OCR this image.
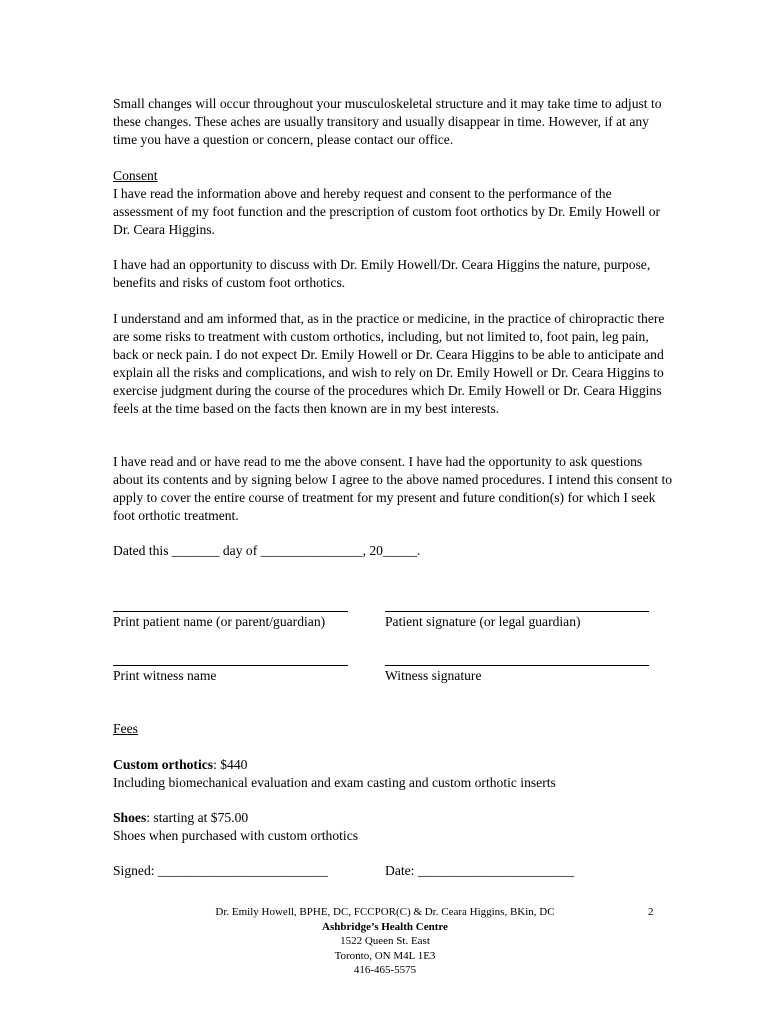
Small changes will occur throughout your musculoskeletal structure and it may take time to adjust to these changes. These aches are usually transitory and usually disappear in time. However, if at any time you have a question or concern, please contact our office.

Consent

I have read the information above and hereby request and consent to the performance of the assessment of my foot function and the prescription of custom foot orthotics by Dr. Emily Howell or Dr. Ceara Higgins.

I have had an opportunity to discuss with Dr. Emily Howell/Dr. Ceara Higgins the nature, purpose, benefits and risks of custom foot orthotics.

I understand and am informed that, as in the practice or medicine, in the practice of chiropractic there are some risks to treatment with custom orthotics, including, but not limited to, foot pain, leg pain, back or neck pain. I do not expect Dr. Emily Howell or Dr. Ceara Higgins to be able to anticipate and explain all the risks and complications, and wish to rely on Dr. Emily Howell or Dr. Ceara Higgins to exercise judgment during the course of the procedures which Dr. Emily Howell or Dr. Ceara Higgins feels at the time based on the facts then known are in my best interests.

I have read and or have read to me the above consent. I have had the opportunity to ask questions about its contents and by signing below I agree to the above named procedures. I intend this consent to apply to cover the entire course of treatment for my present and future condition(s) for which I seek foot orthotic treatment.

Dated this _______ day of _______________, 20_____.

Print patient name (or parent/guardian)	Patient signature (or legal guardian)
Print witness name	Witness signature

Fees

Custom orthotics: $440

Including biomechanical evaluation and exam casting and custom orthotic inserts

Shoes: starting at $75.00

Shoes when purchased with custom orthotics

Signed: _________________________	Date: _______________________
Dr. Emily Howell, BPHE, DC, FCCPOR(C) & Dr. Ceara Higgins, BKin, DC
Ashbridge’s Health Centre
1522 Queen St. East
Toronto, ON M4L 1E3
416-465-5575
2
